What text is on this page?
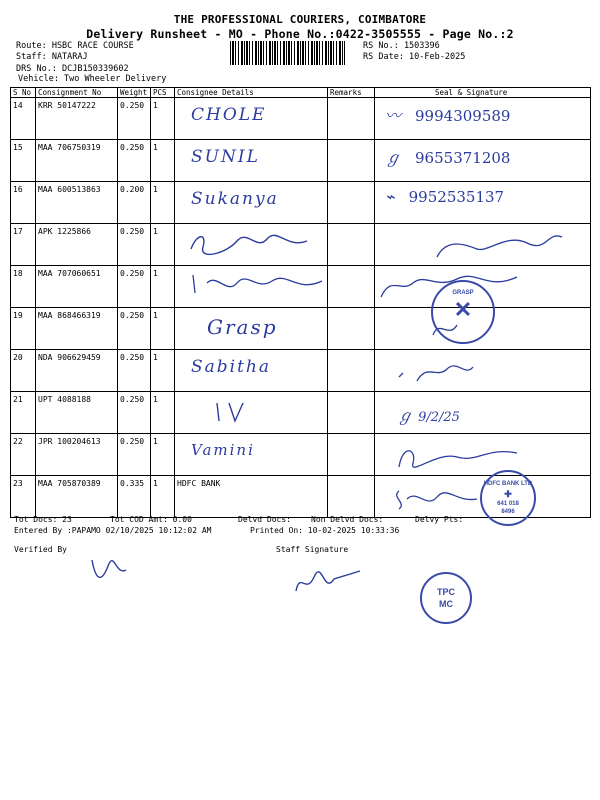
THE PROFESSIONAL COURIERS, COIMBATORE
Delivery Runsheet - MO - Phone No.:0422-3505555 - Page No.:2
Route: HSBC RACE COURSE
Staff: NATARAJ
DRS No.: DCJB150339602
Vehicle: Two Wheeler Delivery
RS No.: 1503396
RS Date: 10-Feb-2025
S No	Consignment No	Weight	PCS	Consignee Details	Remarks	Seal & Signature
14	KRR 50147222	0.250	1	CHOLE		〰 9994309589
15	MAA 706750319	0.250	1	SUNIL		ℊ 9655371208
16	MAA 600513863	0.200	1	Sukanya		⌁ 9952535137
17	APK 1225866	0.250	1			
18	MAA 707060651	0.250	1			
19	MAA 868466319	0.250	1	Grasp		
20	NDA 906629459	0.250	1	Sabitha		
21	UPT 4088188	0.250	1			ℊ 9/2/25
22	JPR 100204613	0.250	1	Vamini		
23	MAA 705870389	0.335	1	HDFC BANK		
GRASP
✕
HDFC BANK LTD
✚
641 018
8496
Tot Docs: 23	Tot COD Amt: 0.00	Delvd Docs:	Non Delvd Docs:	Delvy Pts:
Entered By :PAPAMO 02/10/2025 10:12:02 AM	Printed On: 10-02-2025 10:33:36
Verified By	Staff Signature
TPC
MC
